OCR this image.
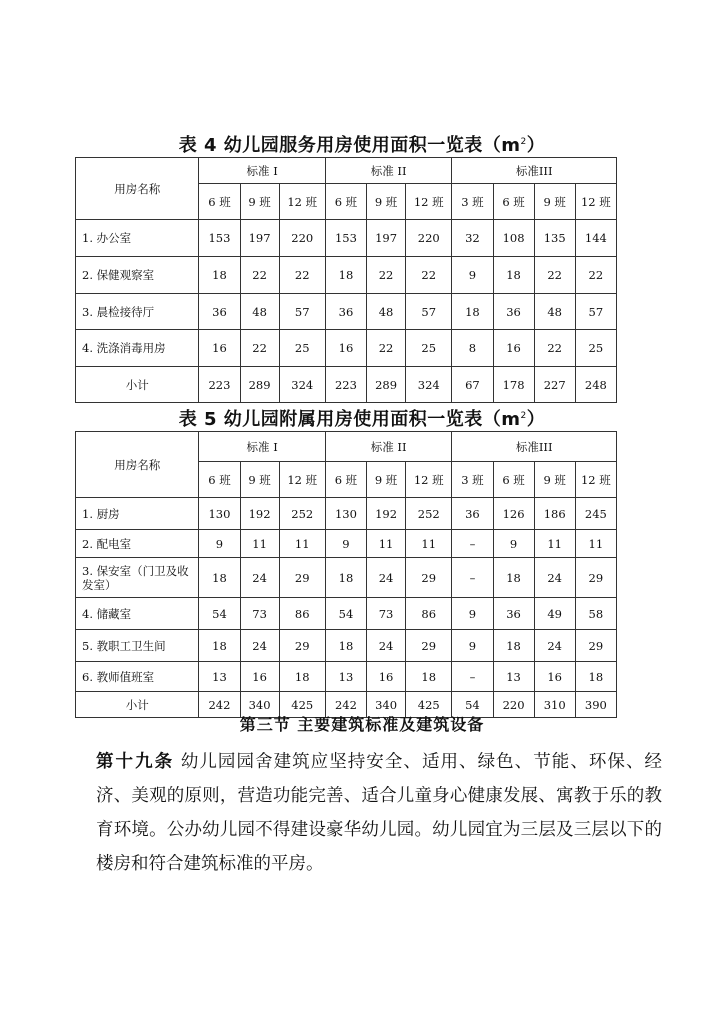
表 4 幼儿园服务用房使用面积一览表$(m^2)$
用房名称	标准 I			标准 II			标准III			
	6 班	9 班	12 班	6 班	9 班	12 班	3 班	6 班	9 班	12 班
1. 办公室	153	197	220	153	197	220	32	108	135	144
2. 保健观察室	18	22	22	18	22	22	9	18	22	22
3. 晨检接待厅	36	48	57	36	48	57	18	36	48	57
4. 洗涤消毒用房	16	22	25	16	22	25	8	16	22	25
小计	223	289	324	223	289	324	67	178	227	248
表 5 幼儿园附属用房使用面积一览表$(m^2)$
用房名称	标准 I			标准 II			标准III			
	6 班	9 班	12 班	6 班	9 班	12 班	3 班	6 班	9 班	12 班
1. 厨房	130	192	252	130	192	252	36	126	186	245
2. 配电室	9	11	11	9	11	11	–	9	11	11
3. 保安室（门卫及收发室）	18	24	29	18	24	29	–	18	24	29
4. 储藏室	54	73	86	54	73	86	9	36	49	58
5. 教职工卫生间	18	24	29	18	24	29	9	18	24	29
6. 教师值班室	13	16	18	13	16	18	–	13	16	18
小计	242	340	425	242	340	425	54	220	310	390
第三节 主要建筑标准及建筑设备
第十九条 幼儿园园舍建筑应坚持安全、适用、绿色、节能、环保、经济、美观的原则，营造功能完善、适合儿童身心健康发展、寓教于乐的教育环境。公办幼儿园不得建设豪华幼儿园。幼儿园宜为三层及三层以下的楼房和符合建筑标准的平房。
